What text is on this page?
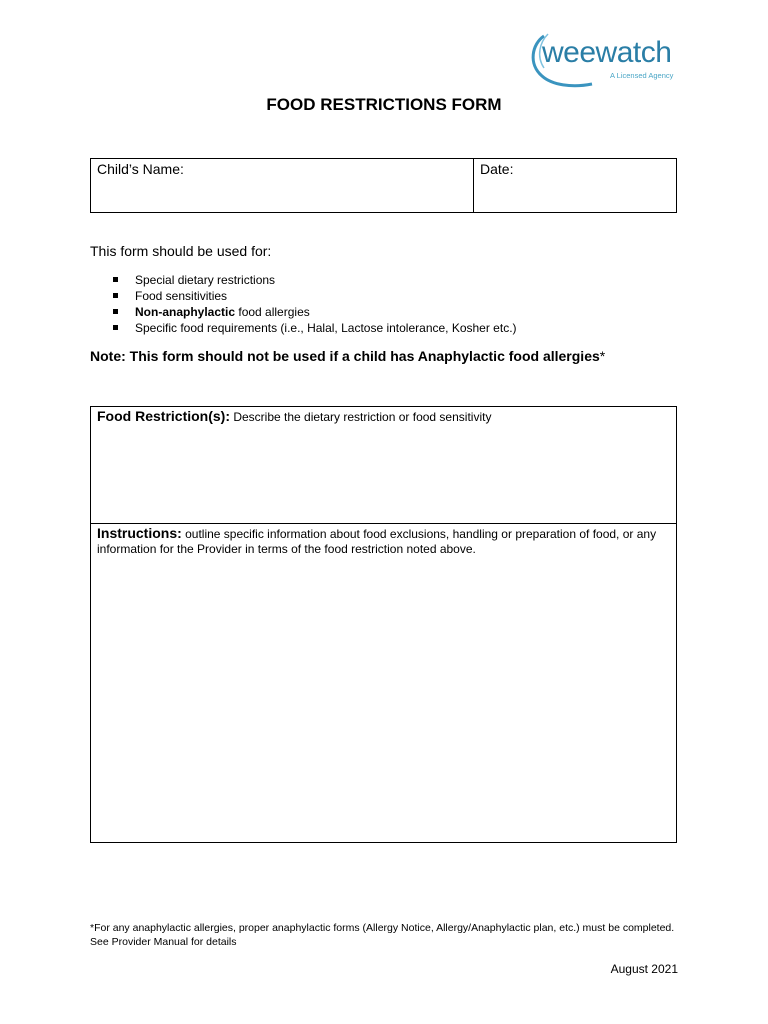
weewatch
A Licensed Agency
FOOD RESTRICTIONS FORM
Child’s Name:	Date:
This form should be used for:
Special dietary restrictions
Food sensitivities
Non-anaphylactic food allergies
Specific food requirements (i.e., Halal, Lactose intolerance, Kosher etc.)
Note: This form should not be used if a child has Anaphylactic food allergies*
Food Restriction(s): Describe the dietary restriction or food sensitivity
Instructions: outline specific information about food exclusions, handling or preparation of food, or any information for the Provider in terms of the food restriction noted above.
*For any anaphylactic allergies, proper anaphylactic forms (Allergy Notice, Allergy/Anaphylactic plan, etc.) must be completed. See Provider Manual for details
August 2021
